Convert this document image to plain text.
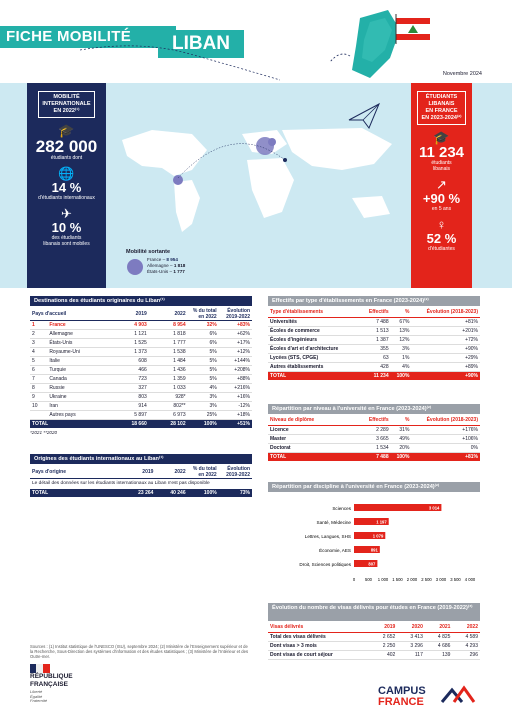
FICHE MOBILITÉ	LIBAN
Novembre 2024
MOBILITÉ
INTERNATIONALE
EN 2022⁽¹⁾
🎓
282 000
étudiants dont
🌐
14 %
d'étudiants internationaux
✈
10 %
des étudiants
libanais sont mobiles
Mobilité sortante
France – 8 954
Allemagne – 1 818
États-Unis – 1 777
ÉTUDIANTS
LIBANAIS
EN FRANCE
EN 2023-2024⁽²⁾
🎓
11 234
étudiants
libanais
↗
+90 %
en 5 ans
♀
52 %
d'étudiantes
Destinations des étudiants originaires du Liban⁽¹⁾
Pays d'accueil		2019	2022	% du total en 2022	Évolution 2019-2022
1	France	4 903	8 954	32%	+83%
2	Allemagne	1 121	1 818	6%	+62%
3	États-Unis	1 525	1 777	6%	+17%
4	Royaume-Uni	1 373	1 538	5%	+12%
5	Italie	608	1 484	5%	+144%
6	Turquie	466	1 436	5%	+208%
7	Canada	723	1 359	5%	+88%
8	Russie	327	1 033	4%	+216%
9	Ukraine	803	928*	3%	+16%
10	Iran	914	802**	3%	-12%
	Autres pays	5 897	6 973	25%	+18%
TOTAL		18 660	28 102	100%	+51%
*2021 **2020
Origines des étudiants internationaux au Liban⁽¹⁾
Pays d'origine	2019	2022	% du total en 2022	Évolution 2019-2022
Le détail des données sur les étudiants internationaux au Liban n'est pas disponible				
TOTAL	23 264	40 246	100%	73%
Effectifs par type d'établissements en France (2023-2024)⁽²⁾
Type d'établissements	Effectifs	%	Évolution (2018-2023)
Universités	7 488	67%	+81%
Écoles de commerce	1 513	13%	+201%
Écoles d'ingénieurs	1 387	12%	+72%
Écoles d'art et d'architecture	355	3%	+90%
Lycées (STS, CPGE)	63	1%	+29%
Autres établissements	428	4%	+89%
TOTAL	11 234	100%	+90%
Répartition par niveau à l'université en France (2023-2024)⁽²⁾
Niveau de diplôme	Effectifs	%	Évolution (2018-2023)
Licence	2 289	31%	+176%
Master	3 665	49%	+106%
Doctorat	1 534	20%	0%
TOTAL	7 488	100%	+81%
Répartition par discipline à l'université en France (2023-2024)⁽²⁾
Sciences	3 014
Santé, Médecine	1 197
Lettres, Langues, SHS	1 079
Économie, AES	891
Droit, Sciences politiques	807
0 500 1 000 1 500 2 000 2 500 3 000 3 500 4 000
Évolution du nombre de visas délivrés pour études en France (2019-2022)⁽³⁾
Visas délivrés	2019	2020	2021	2022
Total des visas délivrés	2 652	3 413	4 825	4 589
Dont visas > 3 mois	2 250	3 296	4 686	4 293
Dont visas de court séjour	402	117	139	296
Sources : (1) Institut statistique de l'UNESCO (ISU), septembre 2024; (2) Ministère de l'Enseignement supérieur et de la Recherche, Sous-Direction des systèmes d'information et des études statistiques ; (3) Ministère de l'Intérieur et des Outre-mer.
RÉPUBLIQUE
FRANÇAISE
Liberté
Égalité
Fraternité
CAMPUS
FRANCE
